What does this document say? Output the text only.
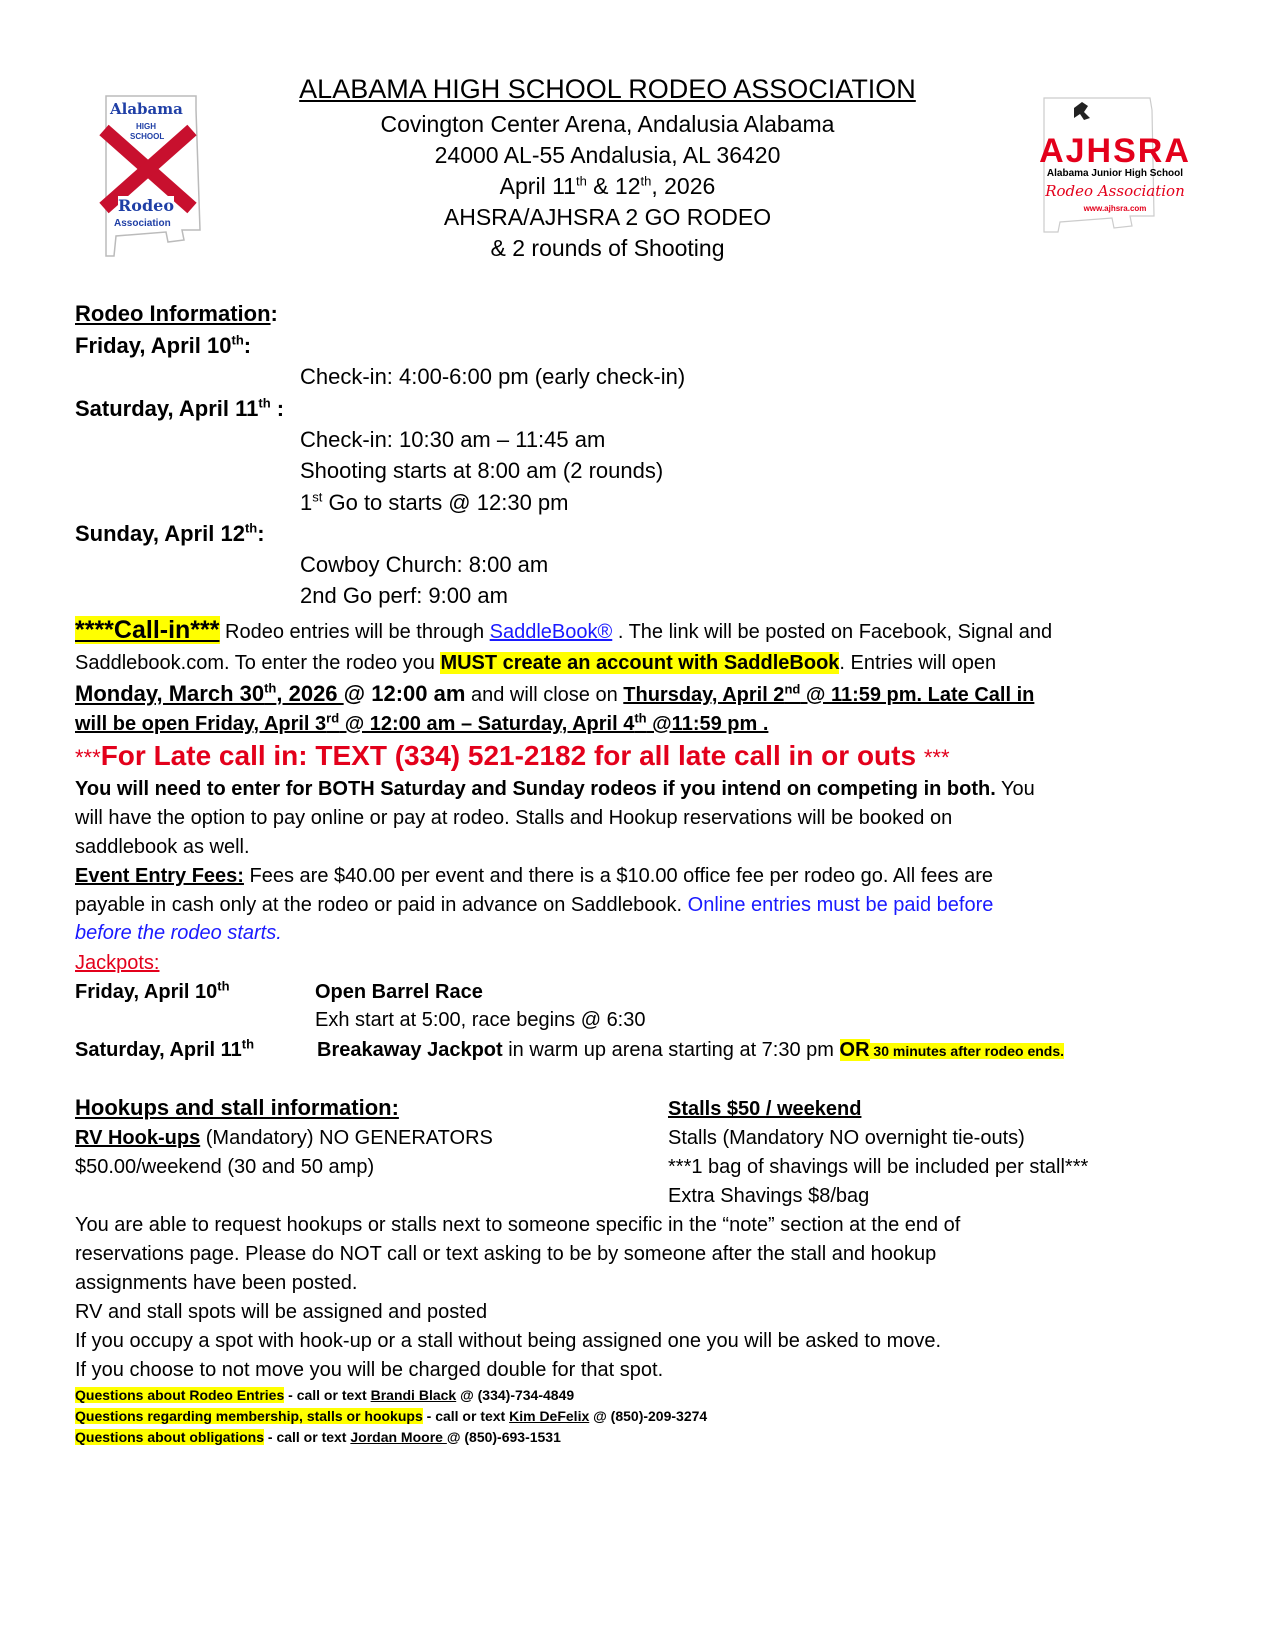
Alabama
HIGH
SCHOOL
Rodeo
Association
AJHSRA
Alabama Junior High School
Rodeo Association
www.ajhsra.com
ALABAMA HIGH SCHOOL RODEO ASSOCIATION
Covington Center Arena, Andalusia Alabama
24000 AL-55 Andalusia, AL 36420
April 11th & 12th, 2026
AHSRA/AJHSRA 2 GO RODEO
& 2 rounds of Shooting
Rodeo Information:
Friday, April 10th:
Check-in: 4:00-6:00 pm (early check-in)
Saturday, April 11th :
Check-in: 10:30 am – 11:45 am
Shooting starts at 8:00 am (2 rounds)
1st Go to starts @ 12:30 pm
Sunday, April 12th:
Cowboy Church: 8:00 am
2nd Go perf: 9:00 am
****Call-in*** Rodeo entries will be through SaddleBook® . The link will be posted on Facebook, Signal and
Saddlebook.com. To enter the rodeo you MUST create an account with SaddleBook. Entries will open
Monday, March 30th, 2026 @ 12:00 am and will close on Thursday, April 2nd @ 11:59 pm. Late Call in
will be open Friday, April 3rd @ 12:00 am – Saturday, April 4th @11:59 pm .
***For Late call in: TEXT (334) 521-2182 for all late call in or outs ***
You will need to enter for BOTH Saturday and Sunday rodeos if you intend on competing in both. You
will have the option to pay online or pay at rodeo. Stalls and Hookup reservations will be booked on
saddlebook as well.
Event Entry Fees: Fees are $40.00 per event and there is a $10.00 office fee per rodeo go. All fees are
payable in cash only at the rodeo or paid in advance on Saddlebook. Online entries must be paid before
before the rodeo starts.
Jackpots:
Friday, April 10th	Open Barrel Race
Exh start at 5:00, race begins @ 6:30
Saturday, April 11th	Breakaway Jackpot in warm up arena starting at 7:30 pm OR 30 minutes after rodeo ends.
Hookups and stall information:
RV Hook-ups (Mandatory) NO GENERATORS
$50.00/weekend (30 and 50 amp)
Stalls $50 / weekend
Stalls (Mandatory NO overnight tie-outs)
***1 bag of shavings will be included per stall***
Extra Shavings $8/bag
You are able to request hookups or stalls next to someone specific in the “note” section at the end of
reservations page. Please do NOT call or text asking to be by someone after the stall and hookup
assignments have been posted.
RV and stall spots will be assigned and posted
If you occupy a spot with hook-up or a stall without being assigned one you will be asked to move.
If you choose to not move you will be charged double for that spot.
Questions about Rodeo Entries - call or text Brandi Black @ (334)-734-4849
Questions regarding membership, stalls or hookups - call or text Kim DeFelix @ (850)-209-3274
Questions about obligations - call or text Jordan Moore @ (850)-693-1531
